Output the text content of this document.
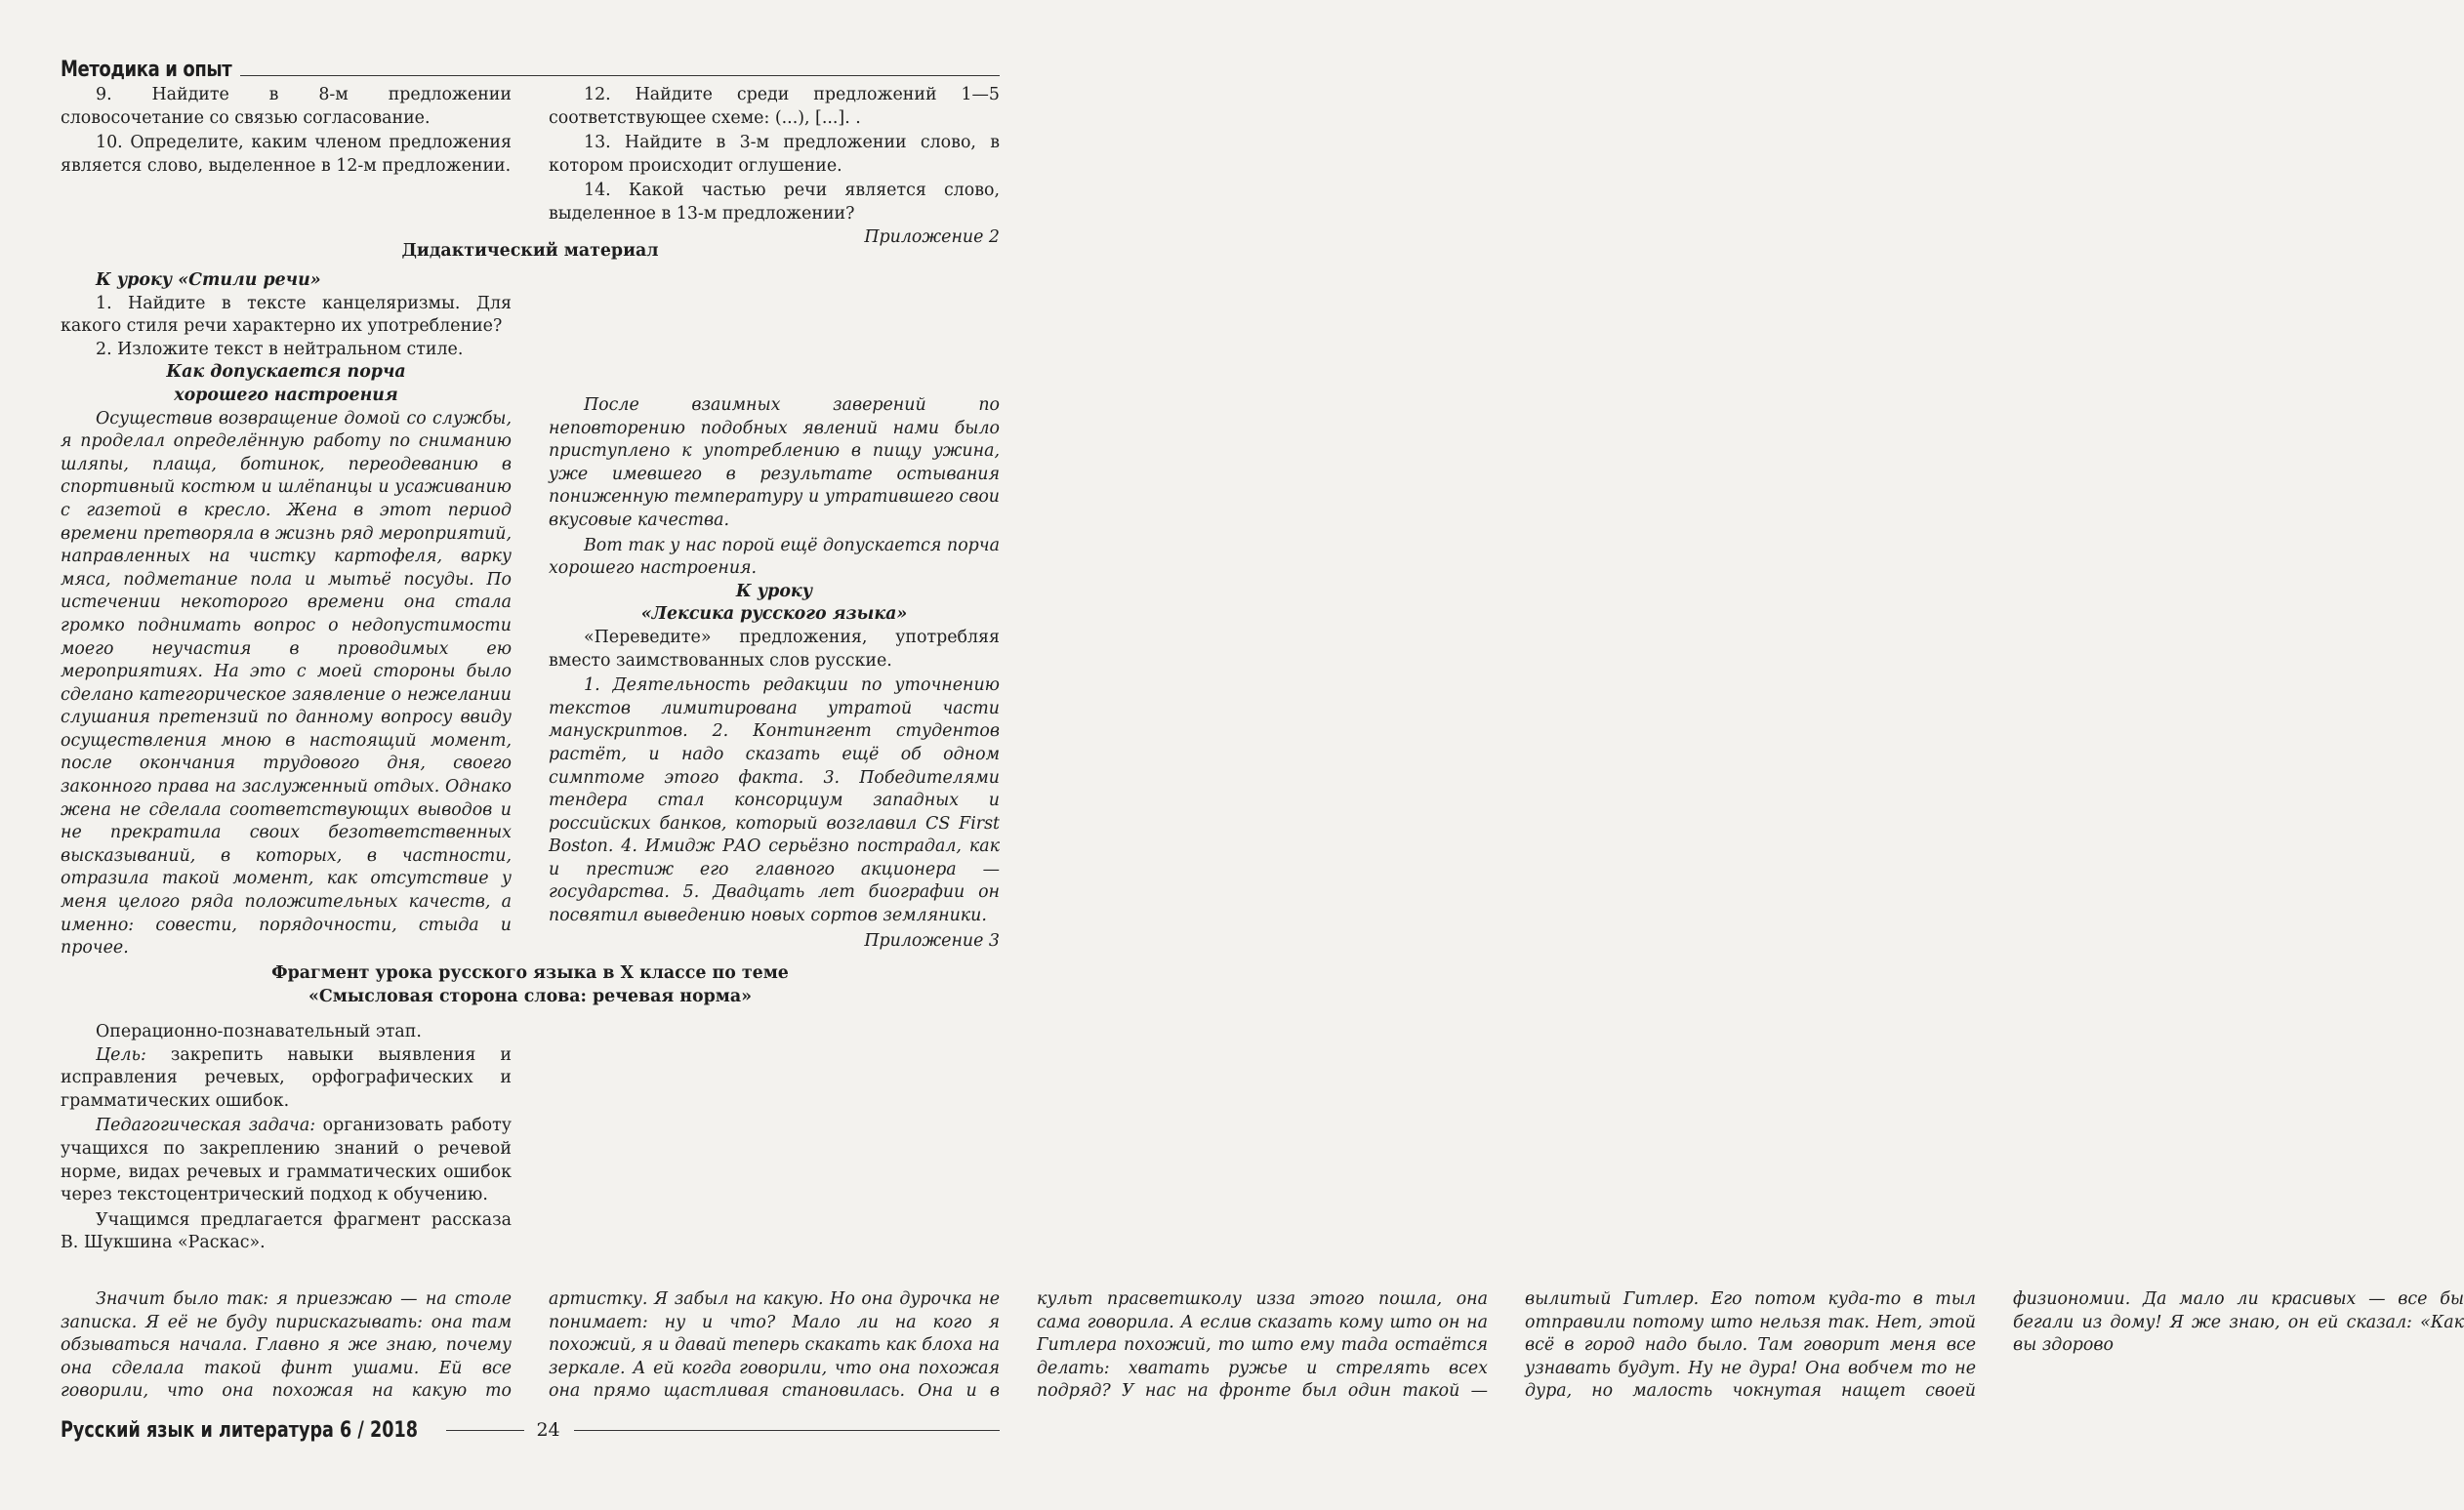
Методика и опыт

9. Найдите в 8-м предложении словосочетание со связью согласование.

10. Определите, каким членом предложения является слово, выделенное в 12-м предложении.

12. Найдите среди предложений 1—5 соответствующее схеме: (...), [...]. .

13. Найдите в 3-м предложении слово, в котором происходит оглушение.

14. Какой частью речи является слово, выделенное в 13-м предложении?

Приложение 2

Дидактический материал

К уроку «Стили речи»

1. Найдите в тексте канцеляризмы. Для какого стиля речи характерно их употребление?

2. Изложите текст в нейтральном стиле.

Как допускается порча

хорошего настроения

Осуществив возвращение домой со службы, я проделал определённую работу по сниманию шляпы, плаща, ботинок, переодеванию в спортивный костюм и шлёпанцы и усаживанию с газетой в кресло. Жена в этот период времени претворяла в жизнь ряд мероприятий, направленных на чистку картофеля, варку мяса, подметание пола и мытьё посуды. По истечении некоторого времени она стала громко поднимать вопрос о недопустимости моего неучастия в проводимых ею мероприятиях. На это с моей стороны было сделано категорическое заявление о нежелании слушания претензий по данному вопросу ввиду осуществления мною в настоящий момент, после окончания трудового дня, своего законного права на заслуженный отдых. Однако жена не сделала соответствующих выводов и не прекратила своих безответственных высказываний, в которых, в частности, отразила такой момент, как отсутствие у меня целого ряда положительных качеств, а именно: совести, порядочности, стыда и прочее.

После взаимных заверений по неповторению подобных явлений нами было приступлено к употреблению в пищу ужина, уже имевшего в результате остывания пониженную температуру и утратившего свои вкусовые качества.

Вот так у нас порой ещё допускается порча хорошего настроения.

К уроку

«Лексика русского языка»

«Переведите» предложения, употребляя вместо заимствованных слов русские.

1. Деятельность редакции по уточнению текстов лимитирована утратой части манускриптов. 2. Контингент студентов растёт, и надо сказать ещё об одном симптоме этого факта. 3. Победителями тендера стал консорциум западных и российских банков, который возглавил CS First Boston. 4. Имидж РАО серьёзно пострадал, как и престиж его главного акционера — государства. 5. Двадцать лет биографии он посвятил выведению новых сортов земляники.

Приложение 3

Фрагмент урока русского языка в X классе по теме

«Смысловая сторона слова: речевая норма»

Операционно-познавательный этап.

Цель: закрепить навыки выявления и исправления речевых, орфографических и грамматических ошибок.

Педагогическая задача: организовать работу учащихся по закреплению знаний о речевой норме, видах речевых и грамматических ошибок через текстоцентрический подход к обучению.

Учащимся предлагается фрагмент рассказа В. Шукшина «Раскас».

Значит было так: я приезжаю — на столе записка. Я её не буду пирискazывать: она там обзываться начала. Главно я же знаю, почему она сделала такой финт ушами. Ей все говорили, что она похожая на какую то артистку. Я забыл на какую. Но она дурочка не понимает: ну и что? Мало ли на кого я похожий, я и давай теперь скакать как блоха на зеркале. А ей когда говорили, что она похожая она прямо щастливая становилась. Она и в культ прасветшколу изза этого пошла, она сама говорила. А еслив сказать кому што он на Гитлера похожий, то што ему тада остаётся делать: хватать ружье и стрелять всех подряд? У нас на фронте был один такой — вылитый Гитлер. Его потом куда-то в тыл отправили потому што нельзя так. Нет, этой всё в город надо было. Там говорит меня все узнавать будут. Ну не дура! Она вобчем то не дура, но малость чокнутая нащет своей физиономии. Да мало ли красивых — все бы бегали из дому! Я же знаю, он ей сказал: «Как вы здорово

Русский язык и литература 6 / 2018	24
